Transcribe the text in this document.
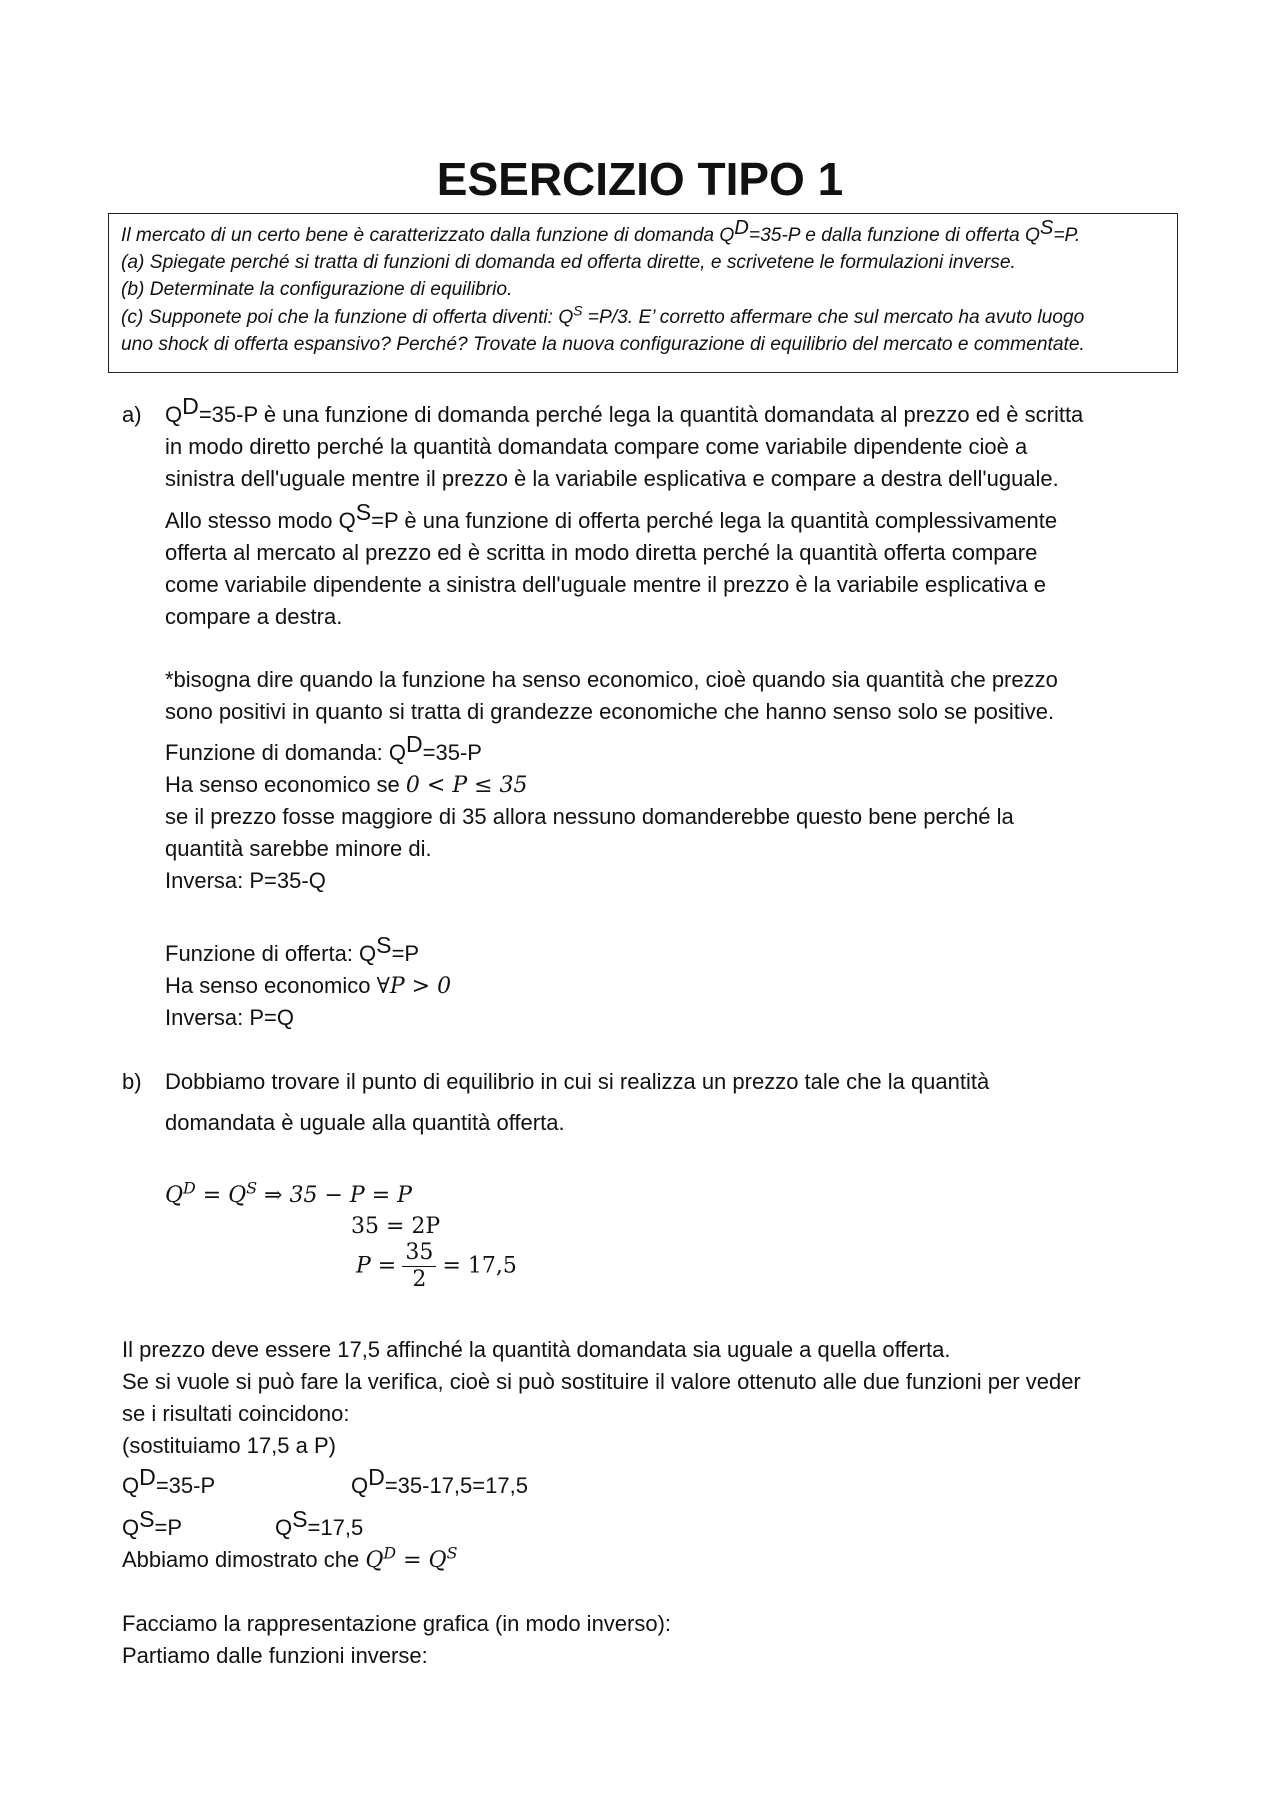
ESERCIZIO TIPO 1
Il mercato di un certo bene è caratterizzato dalla funzione di domanda $Q^D=35-P$ e dalla funzione di offerta $Q^S=P$.
(a) Spiegate perché si tratta di funzioni di domanda ed offerta dirette, e scrivetene le formulazioni inverse.
(b) Determinate la configurazione di equilibrio.
(c) Supponete poi che la funzione di offerta diventi: $Q^S =P/3$. E’ corretto affermare che sul mercato ha avuto luogo
uno shock di offerta espansivo? Perché? Trovate la nuova configurazione di equilibrio del mercato e commentate.
a) $Q^D=35-P$ è una funzione di domanda perché lega la quantità domandata al prezzo ed è scritta
in modo diretto perché la quantità domandata compare come variabile dipendente cioè a
sinistra dell'uguale mentre il prezzo è la variabile esplicativa e compare a destra dell'uguale.
Allo stesso modo $Q^S=P$ è una funzione di offerta perché lega la quantità complessivamente
offerta al mercato al prezzo ed è scritta in modo diretta perché la quantità offerta compare
come variabile dipendente a sinistra dell'uguale mentre il prezzo è la variabile esplicativa e
compare a destra.
*bisogna dire quando la funzione ha senso economico, cioè quando sia quantità che prezzo
sono positivi in quanto si tratta di grandezze economiche che hanno senso solo se positive.
Funzione di domanda: $Q^D=35-P$
Ha senso economico se 0 < P ≤ 35
se il prezzo fosse maggiore di 35 allora nessuno domanderebbe questo bene perché la
quantità sarebbe minore di.
Inversa: P=35-Q
Funzione di offerta: $Q^S=P$
Ha senso economico ∀P > 0
Inversa: P=Q
b) Dobbiamo trovare il punto di equilibrio in cui si realizza un prezzo tale che la quantità
domandata è uguale alla quantità offerta.
$Q^D = Q^S$ ⇒ 35 − P = P
35 = 2P
$P = \frac{35}{2} = 17,5$
Il prezzo deve essere 17,5 affinché la quantità domandata sia uguale a quella offerta.
Se si vuole si può fare la verifica, cioè si può sostituire il valore ottenuto alle due funzioni per veder
se i risultati coincidono:
(sostituiamo 17,5 a P)
$Q^D=35-P$	$Q^D=35-17,5=17,5$
$Q^S=P$	$Q^S=17,5$
Abbiamo dimostrato che $Q^D = Q^S$
Facciamo la rappresentazione grafica (in modo inverso):
Partiamo dalle funzioni inverse:
